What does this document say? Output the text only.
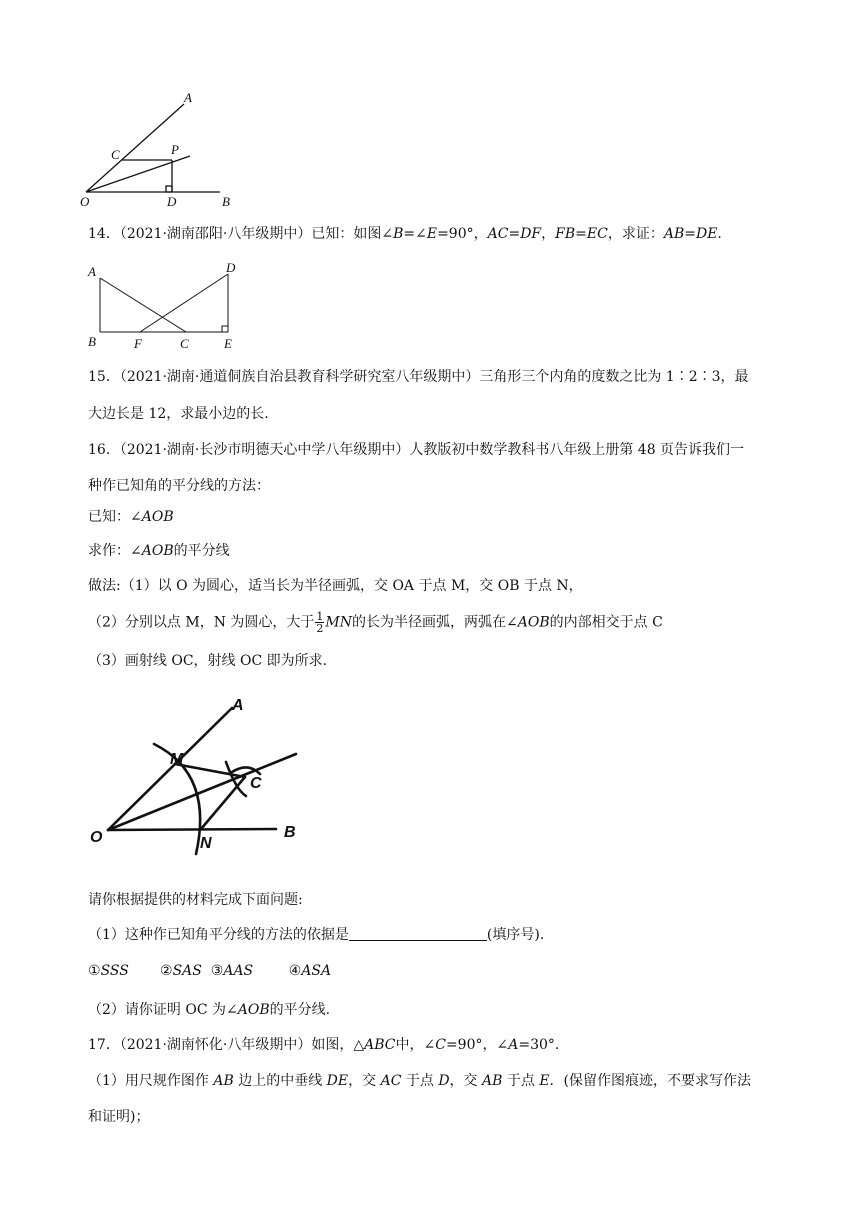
A
C	P
O	D	B
14．（2021·湖南邵阳·八年级期中）已知：如图∠B=∠E=90°，AC=DF，FB=EC，求证：AB=DE.
A	D
B	F	C	E
15．（2021·湖南·通道侗族自治县教育科学研究室八年级期中）三角形三个内角的度数之比为 1∶2∶3，最
大边长是 12，求最小边的长.
16．（2021·湖南·长沙市明德天心中学八年级期中）人教版初中数学教科书八年级上册第 48 页告诉我们一
种作已知角的平分线的方法：
已知：∠AOB
求作：∠AOB的平分线
做法:（1）以 O 为圆心，适当长为半径画弧，交 OA 于点 M，交 OB 于点 N，
（2）分别以点 M，N 为圆心，大于 $\frac{1}{2}$ MN的长为半径画弧，两弧在∠AOB的内部相交于点 C
（3）画射线 OC，射线 OC 即为所求.
A
M
C
O	N
B
请你根据提供的材料完成下面问题:
（1）这种作已知角平分线的方法的依据是	(填序号).
①SSS ②SAS ③AAS	④ASA
（2）请你证明 OC 为∠AOB的平分线.
17．（2021·湖南怀化·八年级期中）如图，△ABC中，∠C=90°，∠A=30°.
（1）用尺规作图作 AB 边上的中垂线 DE，交 AC 于点 D，交 AB 于点 E．(保留作图痕迹，不要求写作法
和证明)；
